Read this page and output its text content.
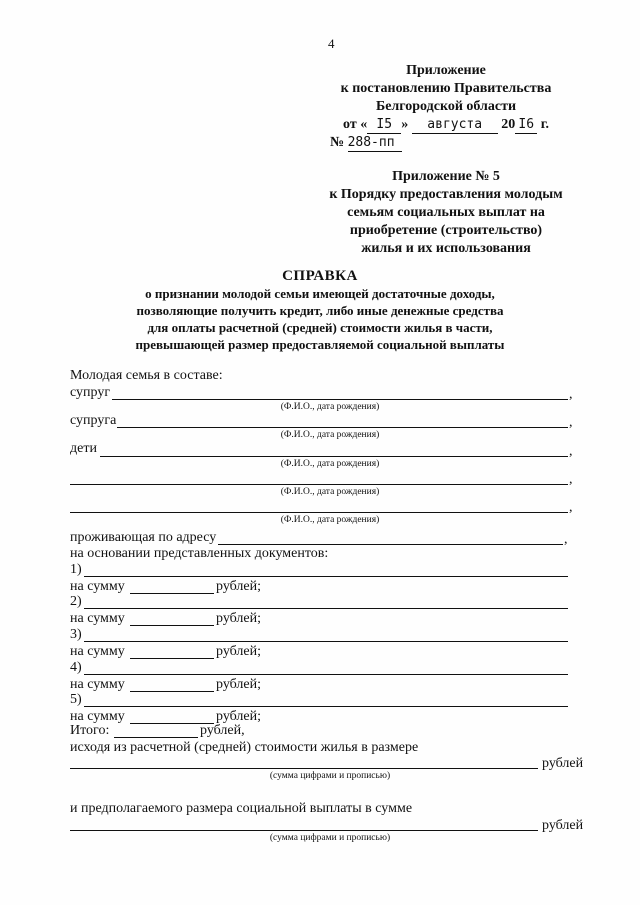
4
Приложение
к постановлению Правительства
Белгородской области
от « I5 » августа 20 I6 г.
№ 288-пп
Приложение № 5
к Порядку предоставления молодым
семьям социальных выплат на
приобретение (строительство)
жилья и их использования
СПРАВКА
о признании молодой семьи имеющей достаточные доходы,
позволяющие получить кредит, либо иные денежные средства
для оплаты расчетной (средней) стоимости жилья в части,
превышающей размер предоставляемой социальной выплаты
Молодая семья в составе:
супруг	,
(Ф.И.О., дата рождения)
супруга	,
(Ф.И.О., дата рождения)
дети	,
(Ф.И.О., дата рождения)
,
(Ф.И.О., дата рождения)
,
(Ф.И.О., дата рождения)
проживающая по адресу	,
на основании представленных документов:
1)
на сумму	рублей;
2)
на сумму	рублей;
3)
на сумму	рублей;
4)
на сумму	рублей;
5)
на сумму	рублей;
Итого:	рублей,
исходя из расчетной (средней) стоимости жилья в размере
рублей
(сумма цифрами и прописью)
и предполагаемого размера социальной выплаты в сумме
рублей
(сумма цифрами и прописью)
